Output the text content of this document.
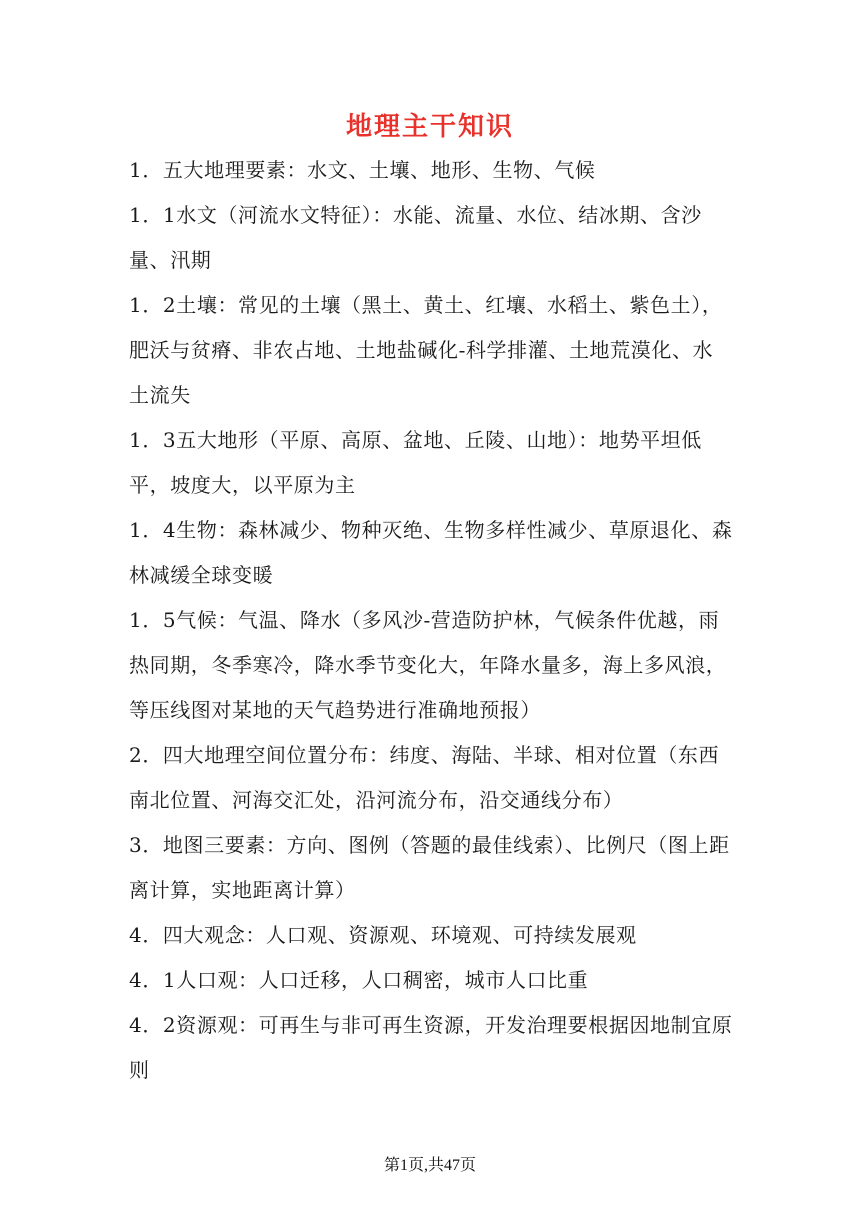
地理主干知识

1．五大地理要素：水文、土壤、地形、生物、气候

1．1水文（河流水文特征）：水能、流量、水位、结冰期、含沙量、汛期

1．2土壤：常见的土壤（黑土、黄土、红壤、水稻土、紫色土），肥沃与贫瘠、非农占地、土地盐碱化-科学排灌、土地荒漠化、水土流失

1．3五大地形（平原、高原、盆地、丘陵、山地）：地势平坦低平，坡度大，以平原为主

1．4生物：森林减少、物种灭绝、生物多样性减少、草原退化、森林减缓全球变暖

1．5气候：气温、降水（多风沙-营造防护林，气候条件优越，雨热同期，冬季寒冷，降水季节变化大，年降水量多，海上多风浪，等压线图对某地的天气趋势进行准确地预报）

2．四大地理空间位置分布：纬度、海陆、半球、相对位置（东西南北位置、河海交汇处，沿河流分布，沿交通线分布）

3．地图三要素：方向、图例（答题的最佳线索）、比例尺（图上距离计算，实地距离计算）

4．四大观念：人口观、资源观、环境观、可持续发展观

4．1人口观：人口迁移，人口稠密，城市人口比重

4．2资源观：可再生与非可再生资源，开发治理要根据因地制宜原则

第1页,共47页
